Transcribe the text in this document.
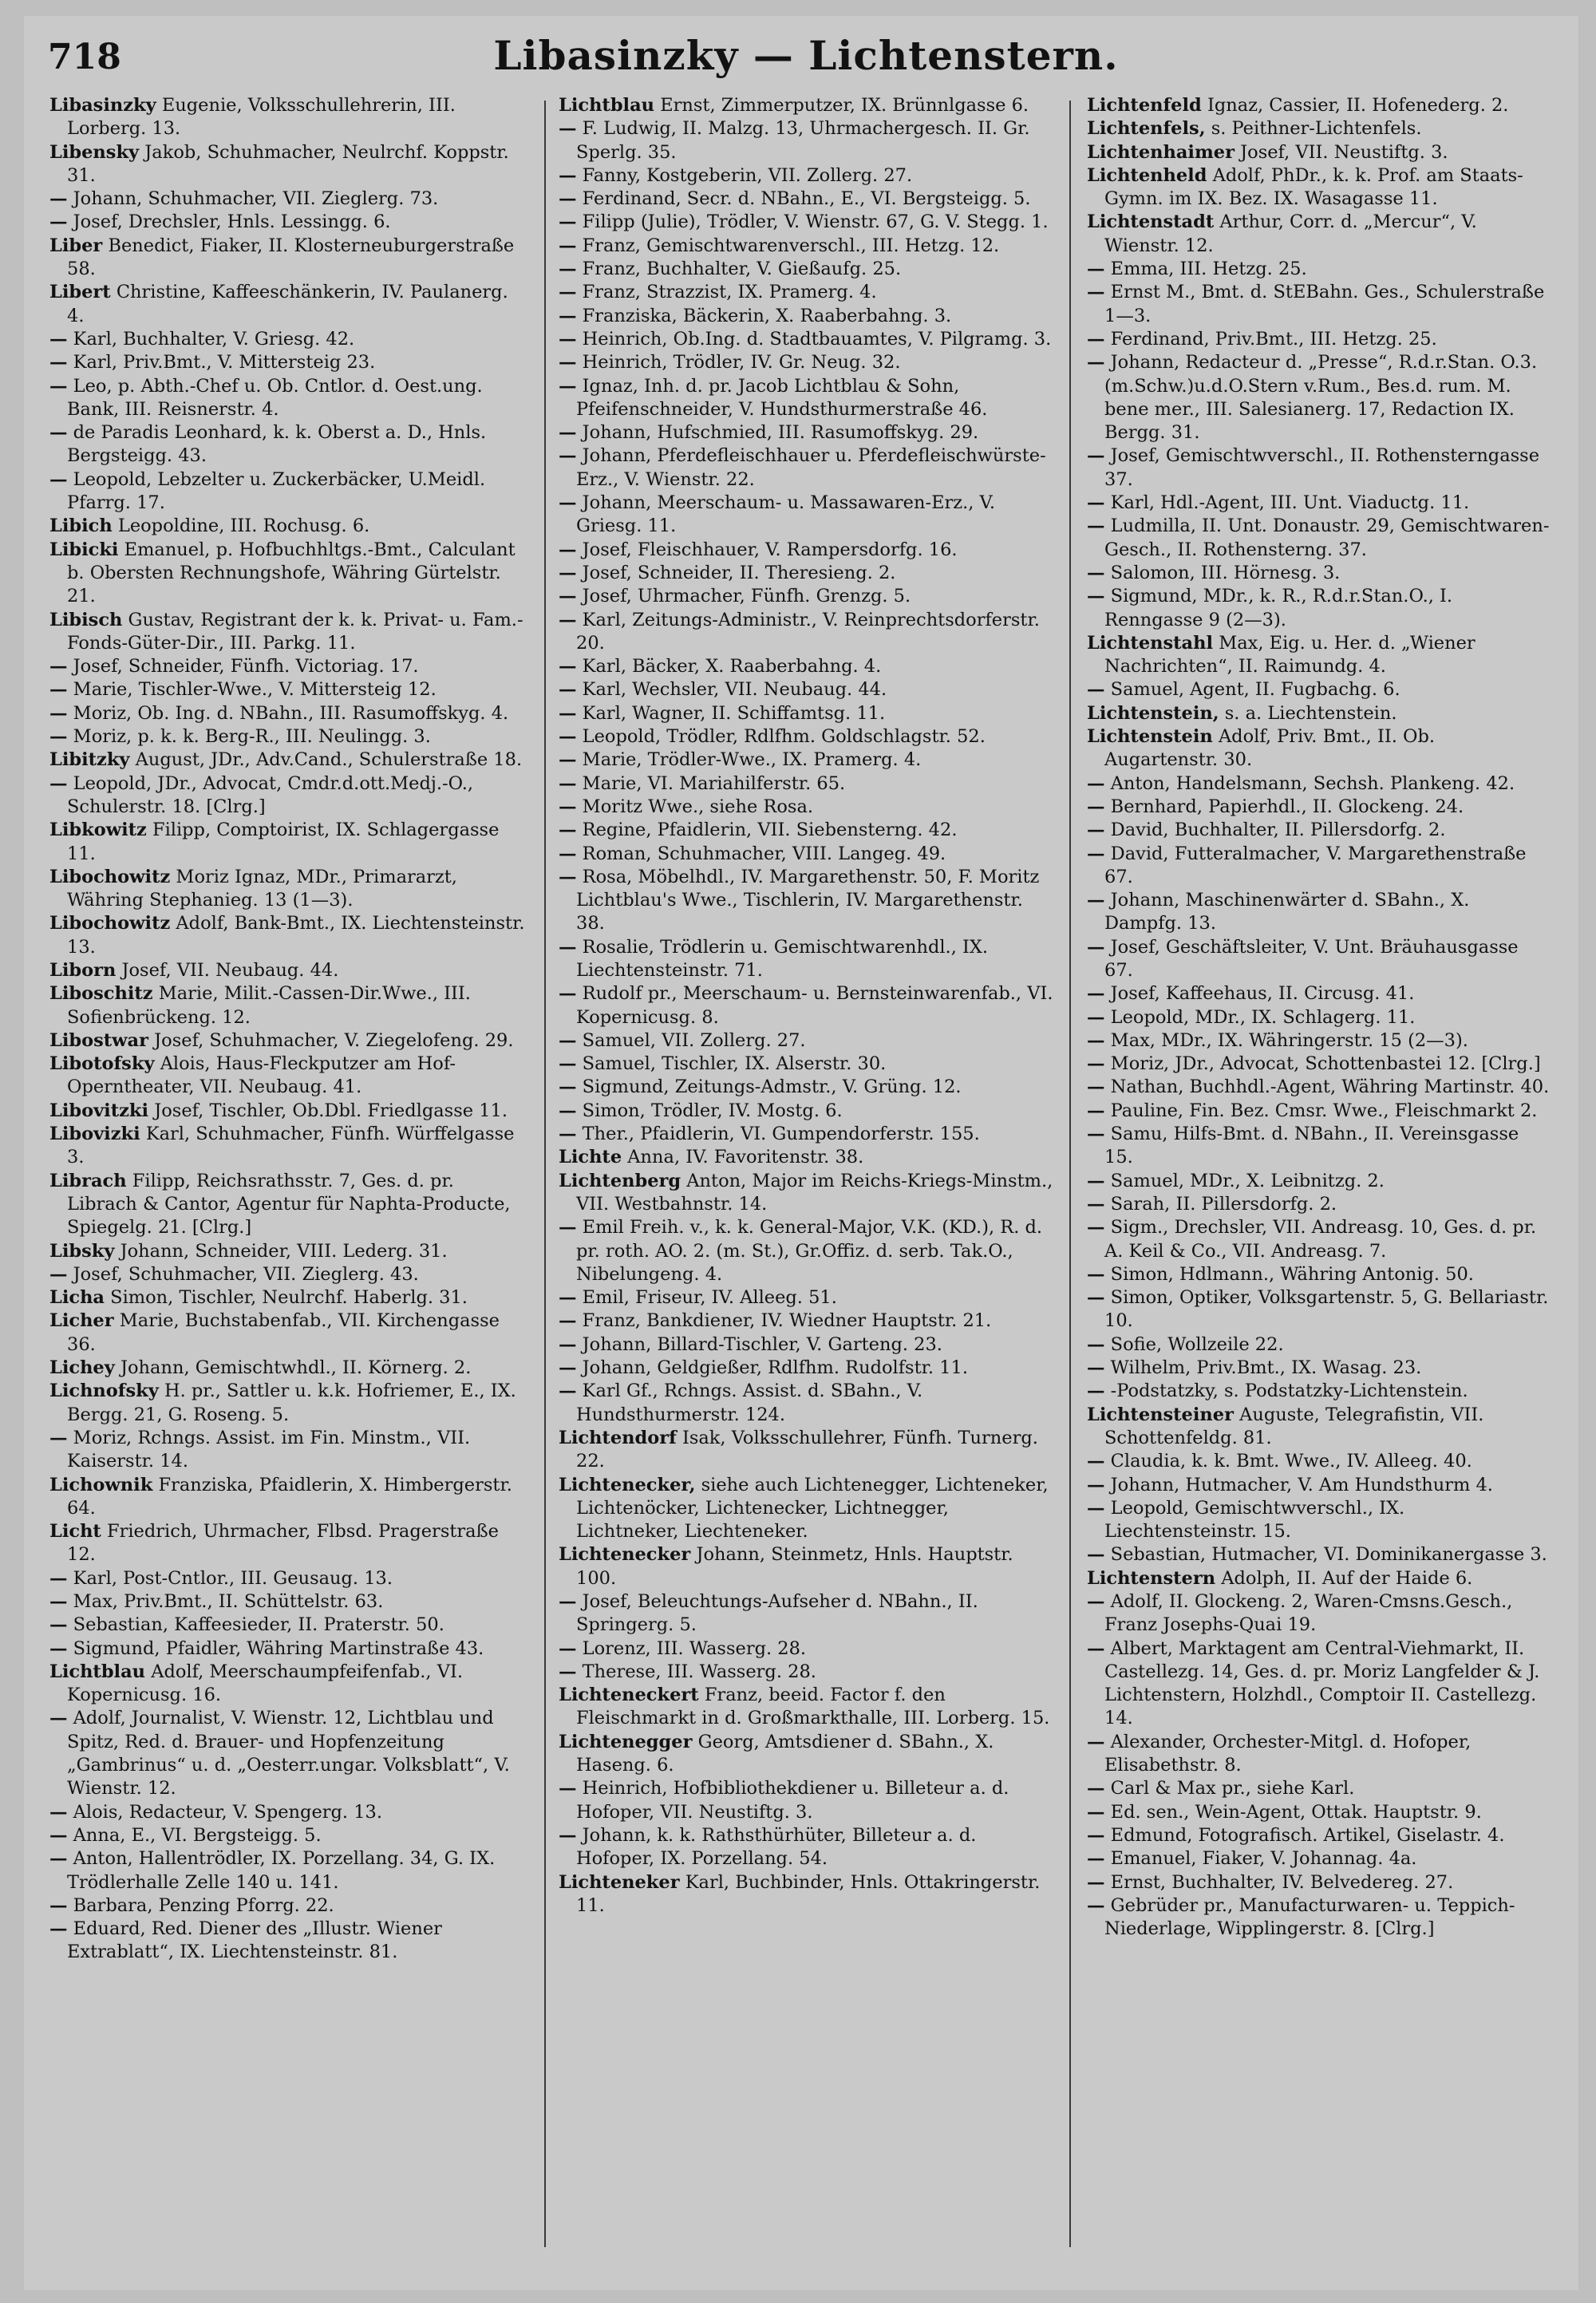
718	Libasinzky — Lichtenstern.
Libasinzky Eugenie, Volksschullehrerin, III. Lorberg. 13.
Libensky Jakob, Schuhmacher, Neulrchf. Koppstr. 31.
— Johann, Schuhmacher, VII. Zieglerg. 73.
— Josef, Drechsler, Hnls. Lessingg. 6.
Liber Benedict, Fiaker, II. Klosterneuburgerstraße 58.
Libert Christine, Kaffeeschänkerin, IV. Paulanerg. 4.
— Karl, Buchhalter, V. Griesg. 42.
— Karl, Priv.Bmt., V. Mittersteig 23.
— Leo, p. Abth.-Chef u. Ob. Cntlor. d. Oest.ung. Bank, III. Reisnerstr. 4.
— de Paradis Leonhard, k. k. Oberst a. D., Hnls. Bergsteigg. 43.
— Leopold, Lebzelter u. Zuckerbäcker, U.Meidl. Pfarrg. 17.
Libich Leopoldine, III. Rochusg. 6.
Libicki Emanuel, p. Hofbuchhltgs.-Bmt., Calculant b. Obersten Rechnungshofe, Währing Gürtelstr. 21.
Libisch Gustav, Registrant der k. k. Privat- u. Fam.-Fonds-Güter-Dir., III. Parkg. 11.
— Josef, Schneider, Fünfh. Victoriag. 17.
— Marie, Tischler-Wwe., V. Mittersteig 12.
— Moriz, Ob. Ing. d. NBahn., III. Rasumoffskyg. 4.
— Moriz, p. k. k. Berg-R., III. Neulingg. 3.
Libitzky August, JDr., Adv.Cand., Schulerstraße 18.
— Leopold, JDr., Advocat, Cmdr.d.ott.Medj.-O., Schulerstr. 18. [Clrg.]
Libkowitz Filipp, Comptoirist, IX. Schlagergasse 11.
Libochowitz Moriz Ignaz, MDr., Primararzt, Währing Stephanieg. 13 (1—3).
Libochowitz Adolf, Bank-Bmt., IX. Liechtensteinstr. 13.
Liborn Josef, VII. Neubaug. 44.
Liboschitz Marie, Milit.-Cassen-Dir.Wwe., III. Sofienbrückeng. 12.
Libostwar Josef, Schuhmacher, V. Ziegelofeng. 29.
Libotofsky Alois, Haus-Fleckputzer am Hof-Operntheater, VII. Neubaug. 41.
Libovitzki Josef, Tischler, Ob.Dbl. Friedlgasse 11.
Libovizki Karl, Schuhmacher, Fünfh. Würffelgasse 3.
Librach Filipp, Reichsrathsstr. 7, Ges. d. pr. Librach & Cantor, Agentur für Naphta-Producte, Spiegelg. 21. [Clrg.]
Libsky Johann, Schneider, VIII. Lederg. 31.
— Josef, Schuhmacher, VII. Zieglerg. 43.
Licha Simon, Tischler, Neulrchf. Haberlg. 31.
Licher Marie, Buchstabenfab., VII. Kirchengasse 36.
Lichey Johann, Gemischtwhdl., II. Körnerg. 2.
Lichnofsky H. pr., Sattler u. k.k. Hofriemer, E., IX. Bergg. 21, G. Roseng. 5.
— Moriz, Rchngs. Assist. im Fin. Minstm., VII. Kaiserstr. 14.
Lichownik Franziska, Pfaidlerin, X. Himbergerstr. 64.
Licht Friedrich, Uhrmacher, Flbsd. Pragerstraße 12.
— Karl, Post-Cntlor., III. Geusaug. 13.
— Max, Priv.Bmt., II. Schüttelstr. 63.
— Sebastian, Kaffeesieder, II. Praterstr. 50.
— Sigmund, Pfaidler, Währing Martinstraße 43.
Lichtblau Adolf, Meerschaumpfeifenfab., VI. Kopernicusg. 16.
— Adolf, Journalist, V. Wienstr. 12, Lichtblau und Spitz, Red. d. Brauer- und Hopfenzeitung „Gambrinus“ u. d. „Oesterr.ungar. Volksblatt“, V. Wienstr. 12.
— Alois, Redacteur, V. Spengerg. 13.
— Anna, E., VI. Bergsteigg. 5.
— Anton, Hallentrödler, IX. Porzellang. 34, G. IX. Trödlerhalle Zelle 140 u. 141.
— Barbara, Penzing Pforrg. 22.
— Eduard, Red. Diener des „Illustr. Wiener Extrablatt“, IX. Liechtensteinstr. 81.
Lichtblau Ernst, Zimmerputzer, IX. Brünnlgasse 6.
— F. Ludwig, II. Malzg. 13, Uhrmachergesch. II. Gr. Sperlg. 35.
— Fanny, Kostgeberin, VII. Zollerg. 27.
— Ferdinand, Secr. d. NBahn., E., VI. Bergsteigg. 5.
— Filipp (Julie), Trödler, V. Wienstr. 67, G. V. Stegg. 1.
— Franz, Gemischtwarenverschl., III. Hetzg. 12.
— Franz, Buchhalter, V. Gießaufg. 25.
— Franz, Strazzist, IX. Pramerg. 4.
— Franziska, Bäckerin, X. Raaberbahng. 3.
— Heinrich, Ob.Ing. d. Stadtbauamtes, V. Pilgramg. 3.
— Heinrich, Trödler, IV. Gr. Neug. 32.
— Ignaz, Inh. d. pr. Jacob Lichtblau & Sohn, Pfeifenschneider, V. Hundsthurmerstraße 46.
— Johann, Hufschmied, III. Rasumoffskyg. 29.
— Johann, Pferdefleischhauer u. Pferdefleischwürste-Erz., V. Wienstr. 22.
— Johann, Meerschaum- u. Massawaren-Erz., V. Griesg. 11.
— Josef, Fleischhauer, V. Rampersdorfg. 16.
— Josef, Schneider, II. Theresieng. 2.
— Josef, Uhrmacher, Fünfh. Grenzg. 5.
— Karl, Zeitungs-Administr., V. Reinprechtsdorferstr. 20.
— Karl, Bäcker, X. Raaberbahng. 4.
— Karl, Wechsler, VII. Neubaug. 44.
— Karl, Wagner, II. Schiffamtsg. 11.
— Leopold, Trödler, Rdlfhm. Goldschlagstr. 52.
— Marie, Trödler-Wwe., IX. Pramerg. 4.
— Marie, VI. Mariahilferstr. 65.
— Moritz Wwe., siehe Rosa.
— Regine, Pfaidlerin, VII. Siebensterng. 42.
— Roman, Schuhmacher, VIII. Langeg. 49.
— Rosa, Möbelhdl., IV. Margarethenstr. 50, F. Moritz Lichtblau's Wwe., Tischlerin, IV. Margarethenstr. 38.
— Rosalie, Trödlerin u. Gemischtwarenhdl., IX. Liechtensteinstr. 71.
— Rudolf pr., Meerschaum- u. Bernsteinwarenfab., VI. Kopernicusg. 8.
— Samuel, VII. Zollerg. 27.
— Samuel, Tischler, IX. Alserstr. 30.
— Sigmund, Zeitungs-Admstr., V. Grüng. 12.
— Simon, Trödler, IV. Mostg. 6.
— Ther., Pfaidlerin, VI. Gumpendorferstr. 155.
Lichte Anna, IV. Favoritenstr. 38.
Lichtenberg Anton, Major im Reichs-Kriegs-Minstm., VII. Westbahnstr. 14.
— Emil Freih. v., k. k. General-Major, V.K. (KD.), R. d. pr. roth. AO. 2. (m. St.), Gr.Offiz. d. serb. Tak.O., Nibelungeng. 4.
— Emil, Friseur, IV. Alleeg. 51.
— Franz, Bankdiener, IV. Wiedner Hauptstr. 21.
— Johann, Billard-Tischler, V. Garteng. 23.
— Johann, Geldgießer, Rdlfhm. Rudolfstr. 11.
— Karl Gf., Rchngs. Assist. d. SBahn., V. Hundsthurmerstr. 124.
Lichtendorf Isak, Volksschullehrer, Fünfh. Turnerg. 22.
Lichtenecker, siehe auch Lichtenegger, Lichteneker, Lichtenöcker, Lichtenecker, Lichtnegger, Lichtneker, Liechteneker.
Lichtenecker Johann, Steinmetz, Hnls. Hauptstr. 100.
— Josef, Beleuchtungs-Aufseher d. NBahn., II. Springerg. 5.
— Lorenz, III. Wasserg. 28.
— Therese, III. Wasserg. 28.
Lichteneckert Franz, beeid. Factor f. den Fleischmarkt in d. Großmarkthalle, III. Lorberg. 15.
Lichtenegger Georg, Amtsdiener d. SBahn., X. Haseng. 6.
— Heinrich, Hofbibliothekdiener u. Billeteur a. d. Hofoper, VII. Neustiftg. 3.
— Johann, k. k. Rathsthürhüter, Billeteur a. d. Hofoper, IX. Porzellang. 54.
Lichteneker Karl, Buchbinder, Hnls. Ottakringerstr. 11.
Lichtenfeld Ignaz, Cassier, II. Hofenederg. 2.
Lichtenfels, s. Peithner-Lichtenfels.
Lichtenhaimer Josef, VII. Neustiftg. 3.
Lichtenheld Adolf, PhDr., k. k. Prof. am Staats-Gymn. im IX. Bez. IX. Wasagasse 11.
Lichtenstadt Arthur, Corr. d. „Mercur“, V. Wienstr. 12.
— Emma, III. Hetzg. 25.
— Ernst M., Bmt. d. StEBahn. Ges., Schulerstraße 1—3.
— Ferdinand, Priv.Bmt., III. Hetzg. 25.
— Johann, Redacteur d. „Presse“, R.d.r.Stan. O.3.(m.Schw.)u.d.O.Stern v.Rum., Bes.d. rum. M. bene mer., III. Salesianerg. 17, Redaction IX. Bergg. 31.
— Josef, Gemischtwverschl., II. Rothensterngasse 37.
— Karl, Hdl.-Agent, III. Unt. Viaductg. 11.
— Ludmilla, II. Unt. Donaustr. 29, Gemischtwaren-Gesch., II. Rothensterng. 37.
— Salomon, III. Hörnesg. 3.
— Sigmund, MDr., k. R., R.d.r.Stan.O., I. Renngasse 9 (2—3).
Lichtenstahl Max, Eig. u. Her. d. „Wiener Nachrichten“, II. Raimundg. 4.
— Samuel, Agent, II. Fugbachg. 6.
Lichtenstein, s. a. Liechtenstein.
Lichtenstein Adolf, Priv. Bmt., II. Ob. Augartenstr. 30.
— Anton, Handelsmann, Sechsh. Plankeng. 42.
— Bernhard, Papierhdl., II. Glockeng. 24.
— David, Buchhalter, II. Pillersdorfg. 2.
— David, Futteralmacher, V. Margarethenstraße 67.
— Johann, Maschinenwärter d. SBahn., X. Dampfg. 13.
— Josef, Geschäftsleiter, V. Unt. Bräuhausgasse 67.
— Josef, Kaffeehaus, II. Circusg. 41.
— Leopold, MDr., IX. Schlagerg. 11.
— Max, MDr., IX. Währingerstr. 15 (2—3).
— Moriz, JDr., Advocat, Schottenbastei 12. [Clrg.]
— Nathan, Buchhdl.-Agent, Währing Martinstr. 40.
— Pauline, Fin. Bez. Cmsr. Wwe., Fleischmarkt 2.
— Samu, Hilfs-Bmt. d. NBahn., II. Vereinsgasse 15.
— Samuel, MDr., X. Leibnitzg. 2.
— Sarah, II. Pillersdorfg. 2.
— Sigm., Drechsler, VII. Andreasg. 10, Ges. d. pr. A. Keil & Co., VII. Andreasg. 7.
— Simon, Hdlmann., Währing Antonig. 50.
— Simon, Optiker, Volksgartenstr. 5, G. Bellariastr. 10.
— Sofie, Wollzeile 22.
— Wilhelm, Priv.Bmt., IX. Wasag. 23.
— -Podstatzky, s. Podstatzky-Lichtenstein.
Lichtensteiner Auguste, Telegrafistin, VII. Schottenfeldg. 81.
— Claudia, k. k. Bmt. Wwe., IV. Alleeg. 40.
— Johann, Hutmacher, V. Am Hundsthurm 4.
— Leopold, Gemischtwverschl., IX. Liechtensteinstr. 15.
— Sebastian, Hutmacher, VI. Dominikanergasse 3.
Lichtenstern Adolph, II. Auf der Haide 6.
— Adolf, II. Glockeng. 2, Waren-Cmsns.Gesch., Franz Josephs-Quai 19.
— Albert, Marktagent am Central-Viehmarkt, II. Castellezg. 14, Ges. d. pr. Moriz Langfelder & J. Lichtenstern, Holzhdl., Comptoir II. Castellezg. 14.
— Alexander, Orchester-Mitgl. d. Hofoper, Elisabethstr. 8.
— Carl & Max pr., siehe Karl.
— Ed. sen., Wein-Agent, Ottak. Hauptstr. 9.
— Edmund, Fotografisch. Artikel, Giselastr. 4.
— Emanuel, Fiaker, V. Johannag. 4a.
— Ernst, Buchhalter, IV. Belvedereg. 27.
— Gebrüder pr., Manufacturwaren- u. Teppich-Niederlage, Wipplingerstr. 8. [Clrg.]
